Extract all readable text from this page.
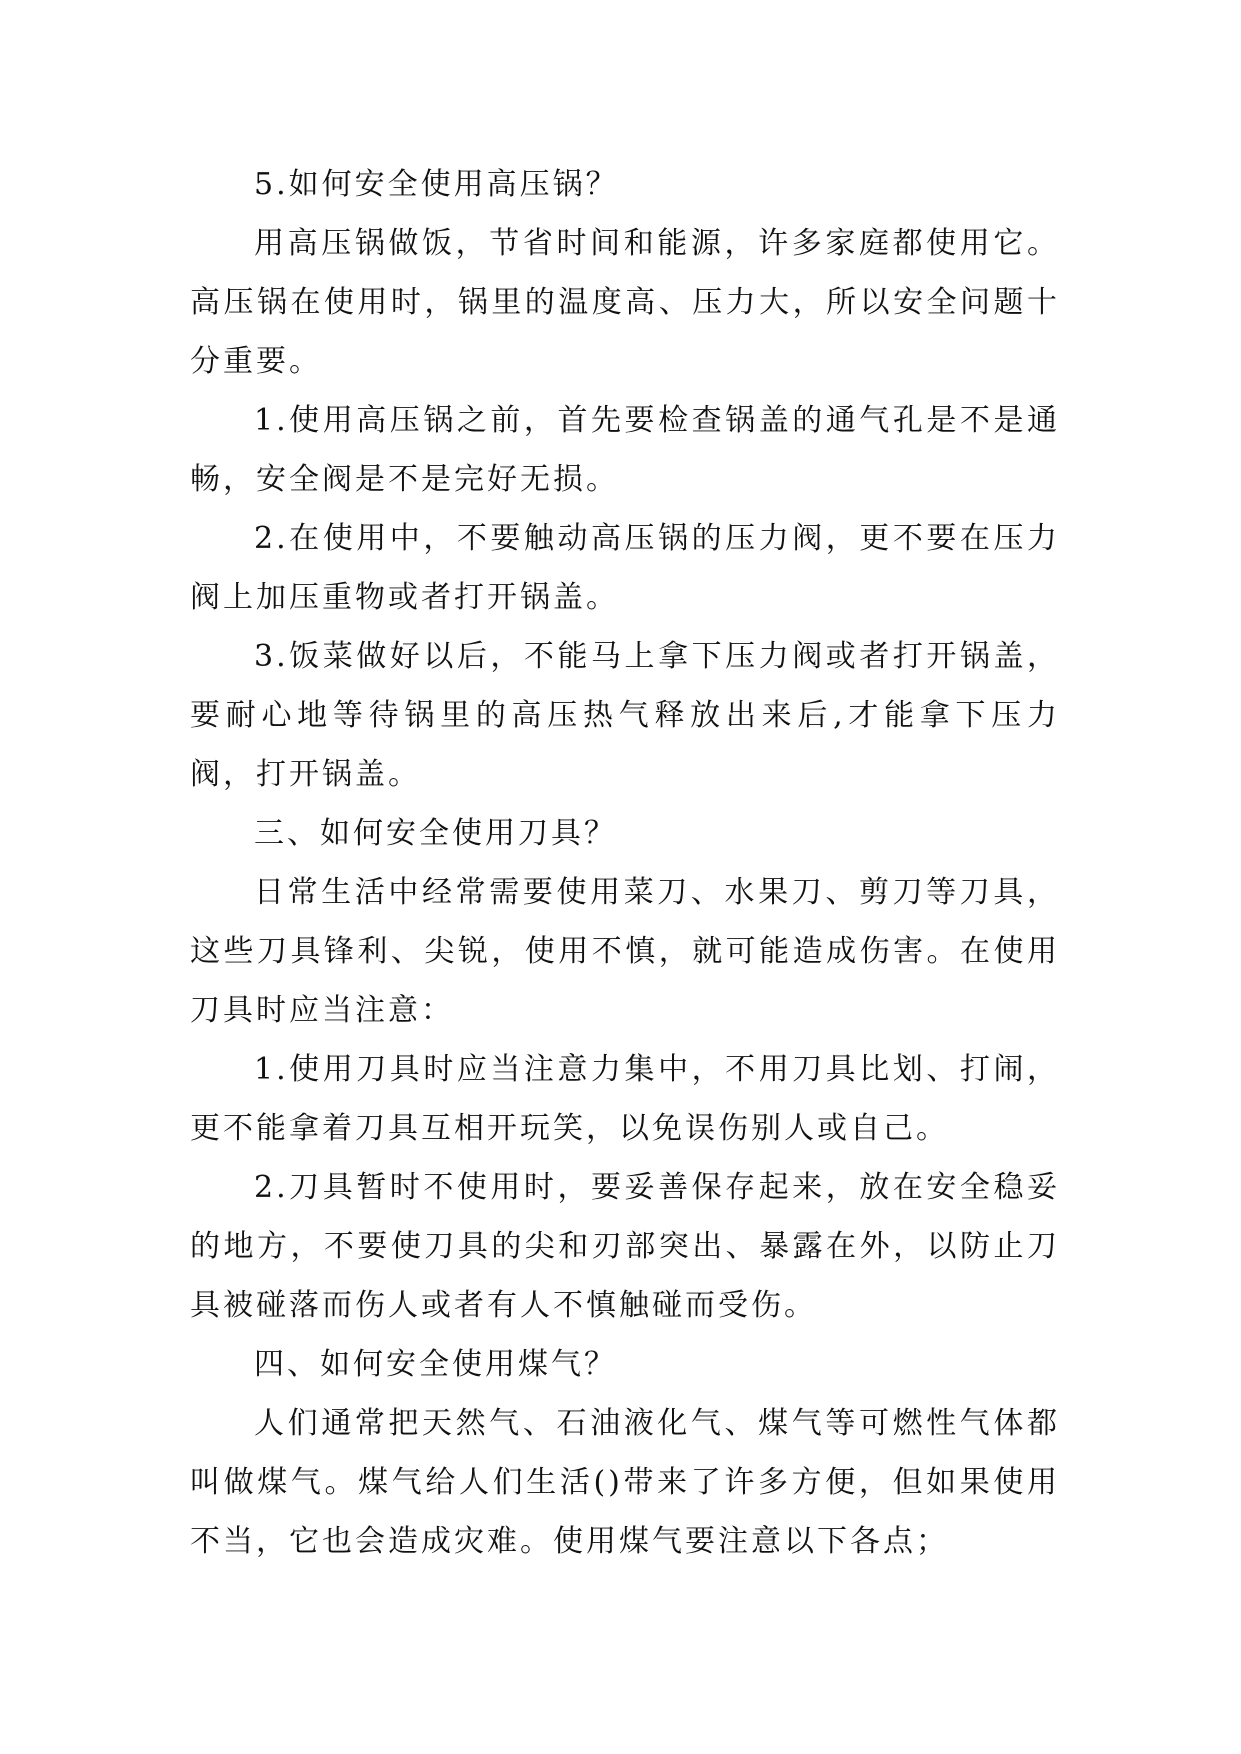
5.如何安全使用高压锅？

用高压锅做饭，节省时间和能源，许多家庭都使用它。高压锅在使用时，锅里的温度高、压力大，所以安全问题十分重要。

1.使用高压锅之前，首先要检查锅盖的通气孔是不是通畅，安全阀是不是完好无损。

2.在使用中，不要触动高压锅的压力阀，更不要在压力阀上加压重物或者打开锅盖。

3.饭菜做好以后，不能马上拿下压力阀或者打开锅盖，要耐心地等待锅里的高压热气释放出来后,才能拿下压力阀，打开锅盖。

三、如何安全使用刀具？

日常生活中经常需要使用菜刀、水果刀、剪刀等刀具，这些刀具锋利、尖锐，使用不慎，就可能造成伤害。在使用刀具时应当注意：

1.使用刀具时应当注意力集中，不用刀具比划、打闹，更不能拿着刀具互相开玩笑，以免误伤别人或自己。

2.刀具暂时不使用时，要妥善保存起来，放在安全稳妥的地方，不要使刀具的尖和刃部突出、暴露在外，以防止刀具被碰落而伤人或者有人不慎触碰而受伤。

四、如何安全使用煤气？

人们通常把天然气、石油液化气、煤气等可燃性气体都叫做煤气。煤气给人们生活()带来了许多方便，但如果使用不当，它也会造成灾难。使用煤气要注意以下各点；
